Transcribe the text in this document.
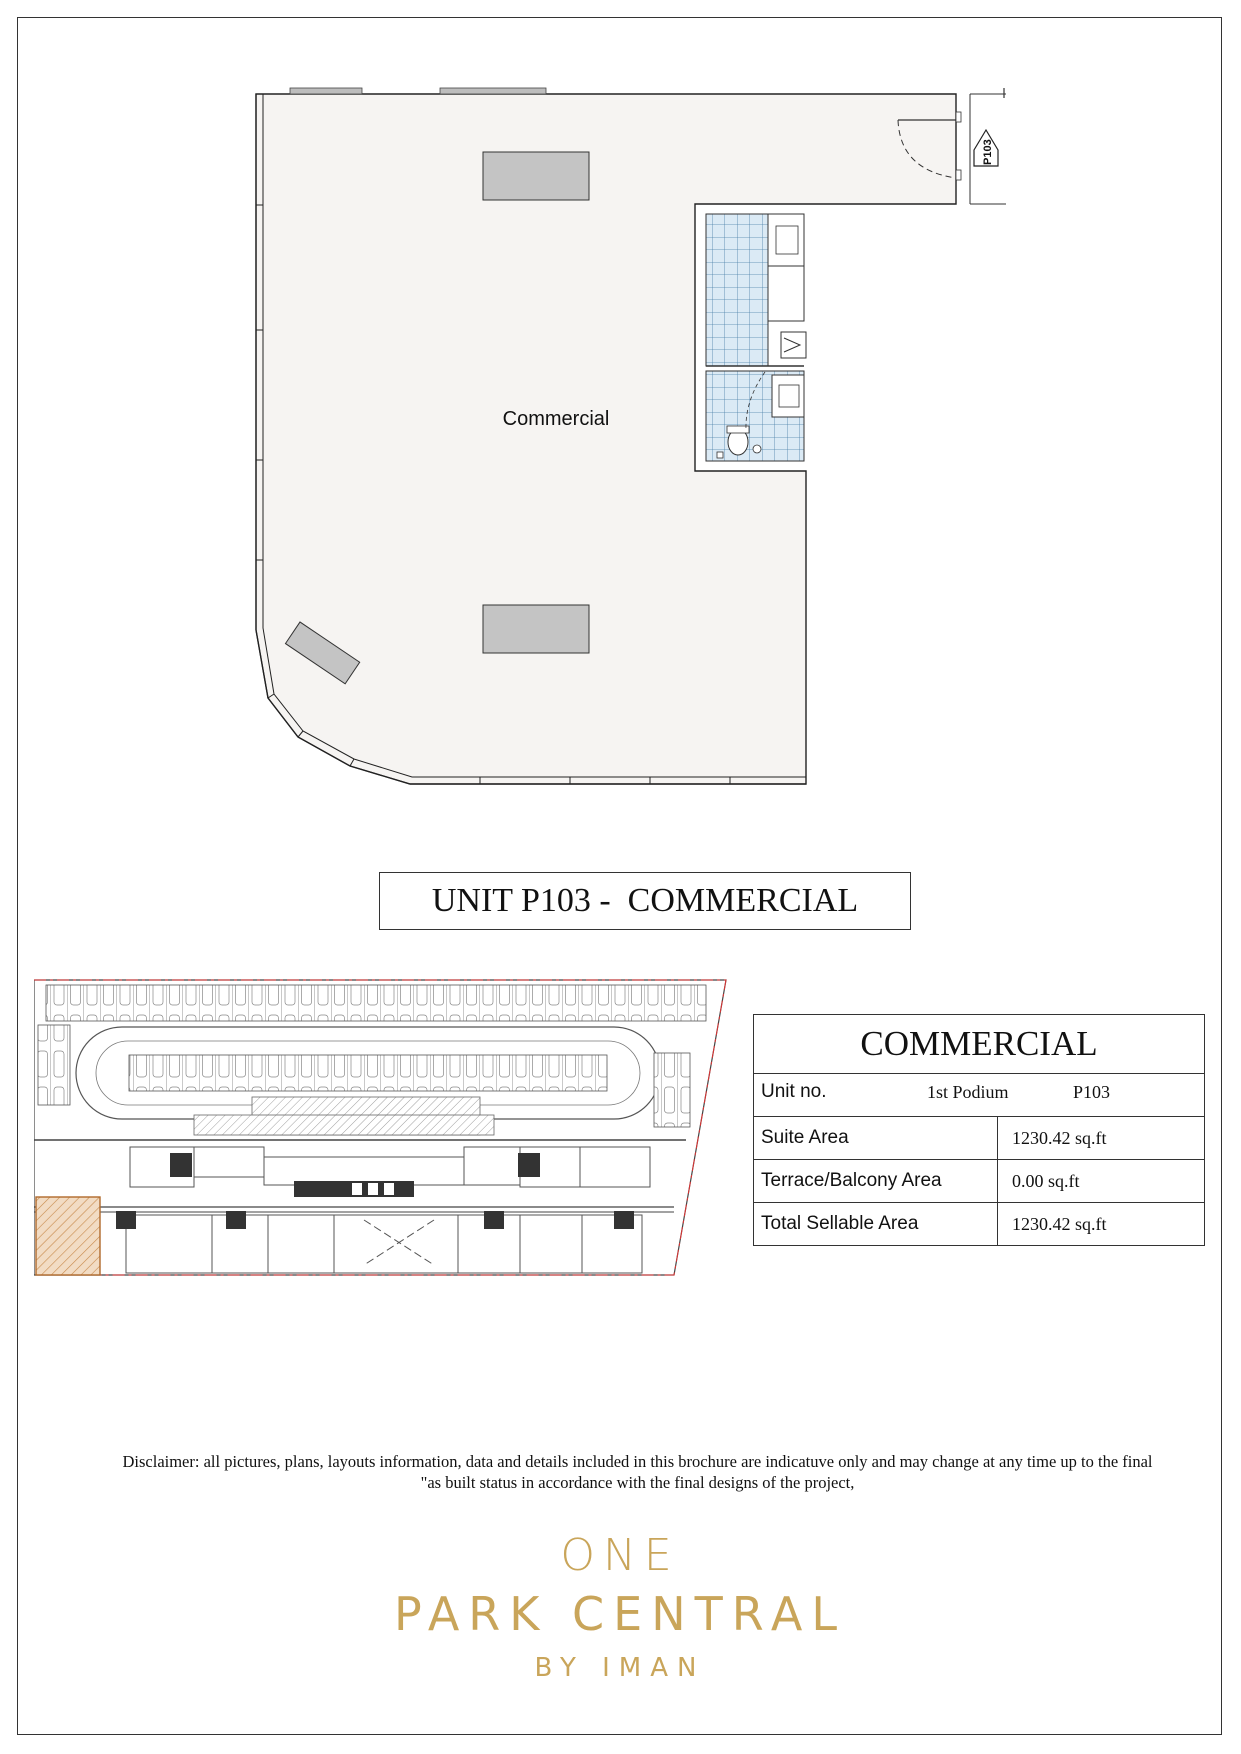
P103
Commercial
UNIT P103 -  COMMERCIAL
COMMERCIAL	

Unit no. 1st Podium P103	

Suite Area	1230.42 sq.ft
Terrace/Balcony Area	0.00 sq.ft
Total Sellable Area	1230.42 sq.ft
Disclaimer: all pictures, plans, layouts information, data and details included in this brochure are indicatuve only and may change at any time up to the final
"as built status in accordance with the final designs of the project,
ONE
PARK CENTRAL
BY IMAN
